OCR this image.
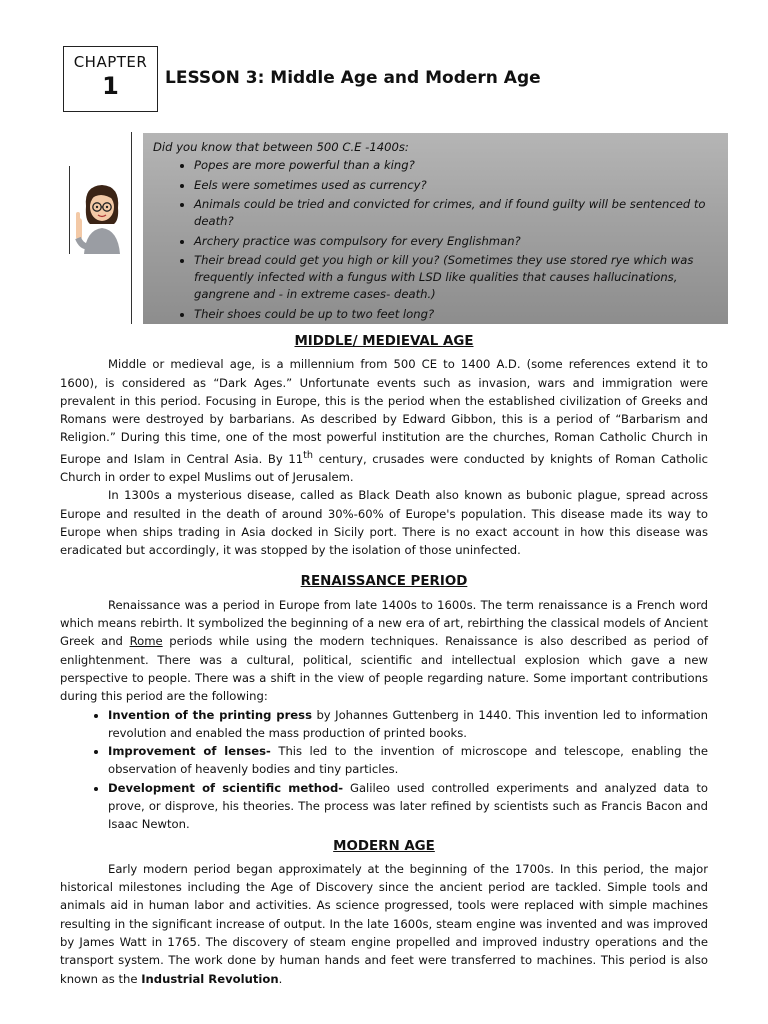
CHAPTER
1	LESSON 3: Middle Age and Modern Age
Did you know that between 500 C.E -1400s:
• Popes are more powerful than a king?
• Eels were sometimes used as currency?
• Animals could be tried and convicted for crimes, and if found guilty will be sentenced to death?
• Archery practice was compulsory for every Englishman?
• Their bread could get you high or kill you? (Sometimes they use stored rye which was frequently infected with a fungus with LSD like qualities that causes hallucinations, gangrene and - in extreme cases- death.)
• Their shoes could be up to two feet long?
MIDDLE/ MEDIEVAL AGE

Middle or medieval age, is a millennium from 500 CE to 1400 A.D. (some references extend it to 1600), is considered as “Dark Ages.” Unfortunate events such as invasion, wars and immigration were prevalent in this period. Focusing in Europe, this is the period when the established civilization of Greeks and Romans were destroyed by barbarians. As described by Edward Gibbon, this is a period of “Barbarism and Religion.” During this time, one of the most powerful institution are the churches, Roman Catholic Church in Europe and Islam in Central Asia. By 11th century, crusades were conducted by knights of Roman Catholic Church in order to expel Muslims out of Jerusalem.

In 1300s a mysterious disease, called as Black Death also known as bubonic plague, spread across Europe and resulted in the death of around 30%-60% of Europe's population. This disease made its way to Europe when ships trading in Asia docked in Sicily port. There is no exact account in how this disease was eradicated but accordingly, it was stopped by the isolation of those uninfected.

RENAISSANCE PERIOD

Renaissance was a period in Europe from late 1400s to 1600s. The term renaissance is a French word which means rebirth. It symbolized the beginning of a new era of art, rebirthing the classical models of Ancient Greek and Rome periods while using the modern techniques. Renaissance is also described as period of enlightenment. There was a cultural, political, scientific and intellectual explosion which gave a new perspective to people. There was a shift in the view of people regarding nature. Some important contributions during this period are the following:

• Invention of the printing press by Johannes Guttenberg in 1440. This invention led to information revolution and enabled the mass production of printed books.
• Improvement of lenses- This led to the invention of microscope and telescope, enabling the observation of heavenly bodies and tiny particles.
• Development of scientific method- Galileo used controlled experiments and analyzed data to prove, or disprove, his theories. The process was later refined by scientists such as Francis Bacon and Isaac Newton.
MODERN AGE

Early modern period began approximately at the beginning of the 1700s. In this period, the major historical milestones including the Age of Discovery since the ancient period are tackled. Simple tools and animals aid in human labor and activities. As science progressed, tools were replaced with simple machines resulting in the significant increase of output. In the late 1600s, steam engine was invented and was improved by James Watt in 1765. The discovery of steam engine propelled and improved industry operations and the transport system. The work done by human hands and feet were transferred to machines. This period is also known as the Industrial Revolution.
